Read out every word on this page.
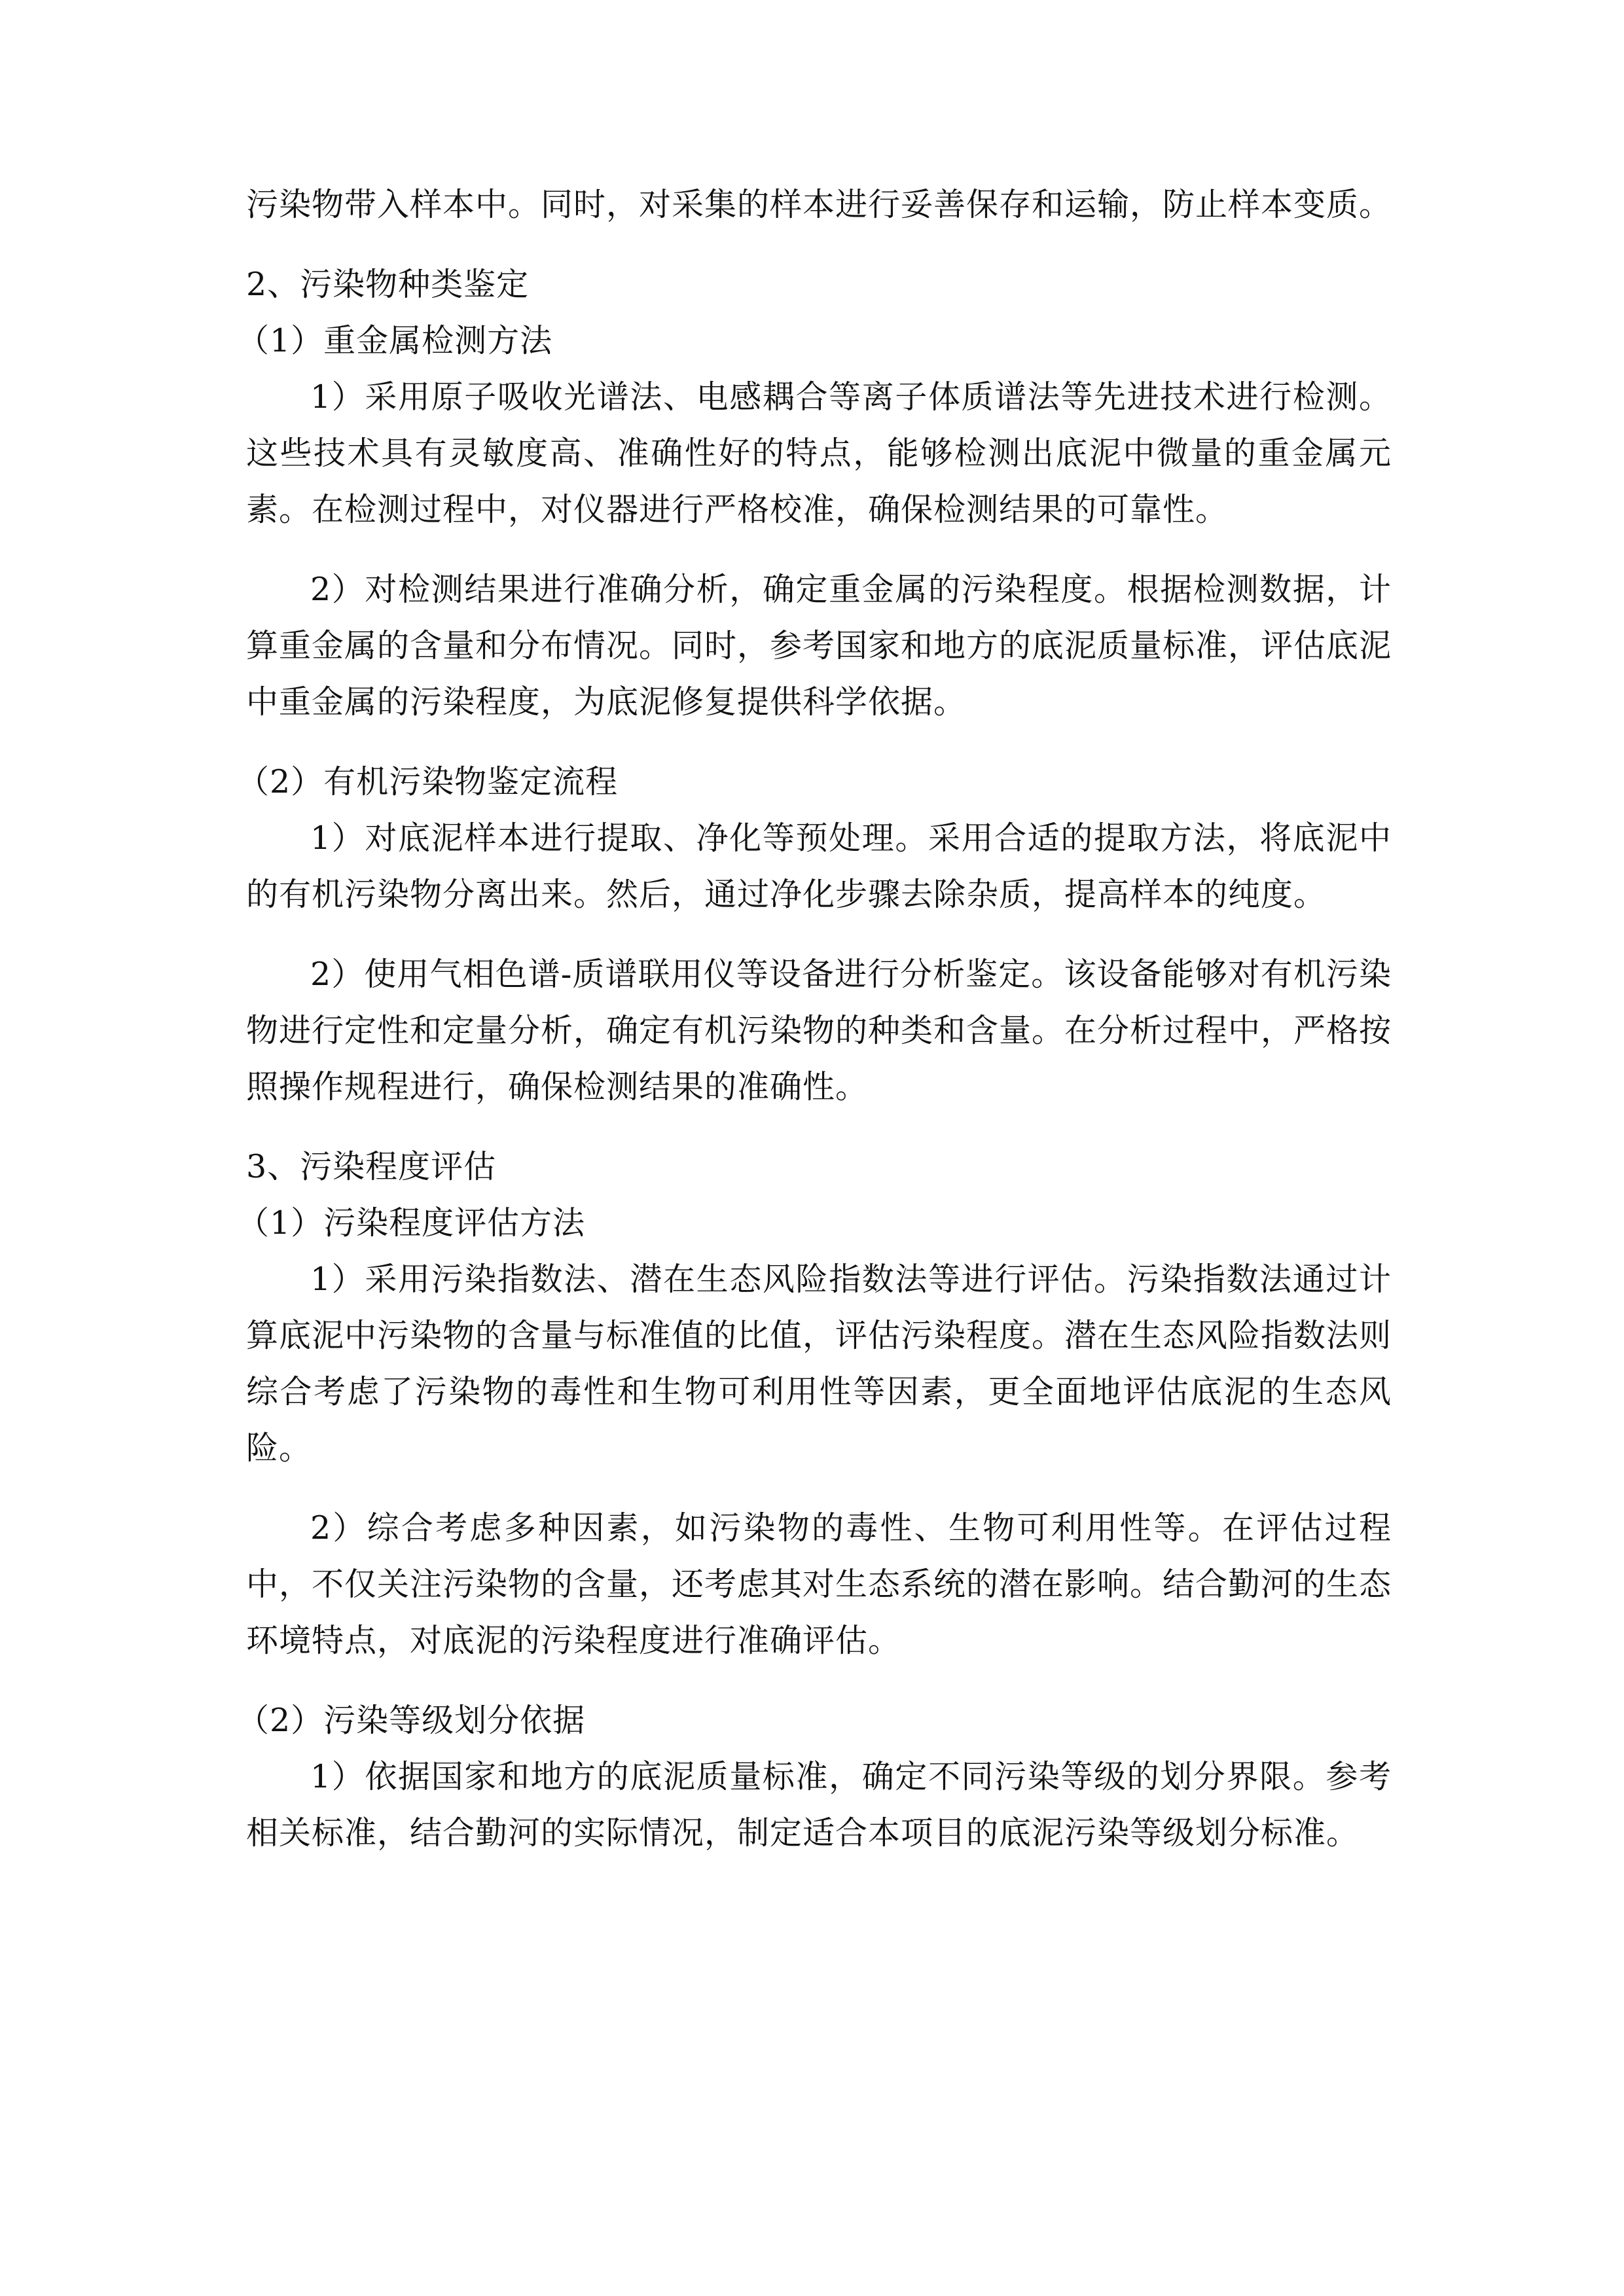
污染物带入样本中。同时，对采集的样本进行妥善保存和运输，防止样本变质。

2、污染物种类鉴定

（1）重金属检测方法

1）采用原子吸收光谱法、电感耦合等离子体质谱法等先进技术进行检测。这些技术具有灵敏度高、准确性好的特点，能够检测出底泥中微量的重金属元素。在检测过程中，对仪器进行严格校准，确保检测结果的可靠性。

2）对检测结果进行准确分析，确定重金属的污染程度。根据检测数据，计算重金属的含量和分布情况。同时，参考国家和地方的底泥质量标准，评估底泥中重金属的污染程度，为底泥修复提供科学依据。

（2）有机污染物鉴定流程

1）对底泥样本进行提取、净化等预处理。采用合适的提取方法，将底泥中的有机污染物分离出来。然后，通过净化步骤去除杂质，提高样本的纯度。

2）使用气相色谱-质谱联用仪等设备进行分析鉴定。该设备能够对有机污染物进行定性和定量分析，确定有机污染物的种类和含量。在分析过程中，严格按照操作规程进行，确保检测结果的准确性。

3、污染程度评估

（1）污染程度评估方法

1）采用污染指数法、潜在生态风险指数法等进行评估。污染指数法通过计算底泥中污染物的含量与标准值的比值，评估污染程度。潜在生态风险指数法则综合考虑了污染物的毒性和生物可利用性等因素，更全面地评估底泥的生态风险。

2）综合考虑多种因素，如污染物的毒性、生物可利用性等。在评估过程中，不仅关注污染物的含量，还考虑其对生态系统的潜在影响。结合勤河的生态环境特点，对底泥的污染程度进行准确评估。

（2）污染等级划分依据

1）依据国家和地方的底泥质量标准，确定不同污染等级的划分界限。参考相关标准，结合勤河的实际情况，制定适合本项目的底泥污染等级划分标准。
